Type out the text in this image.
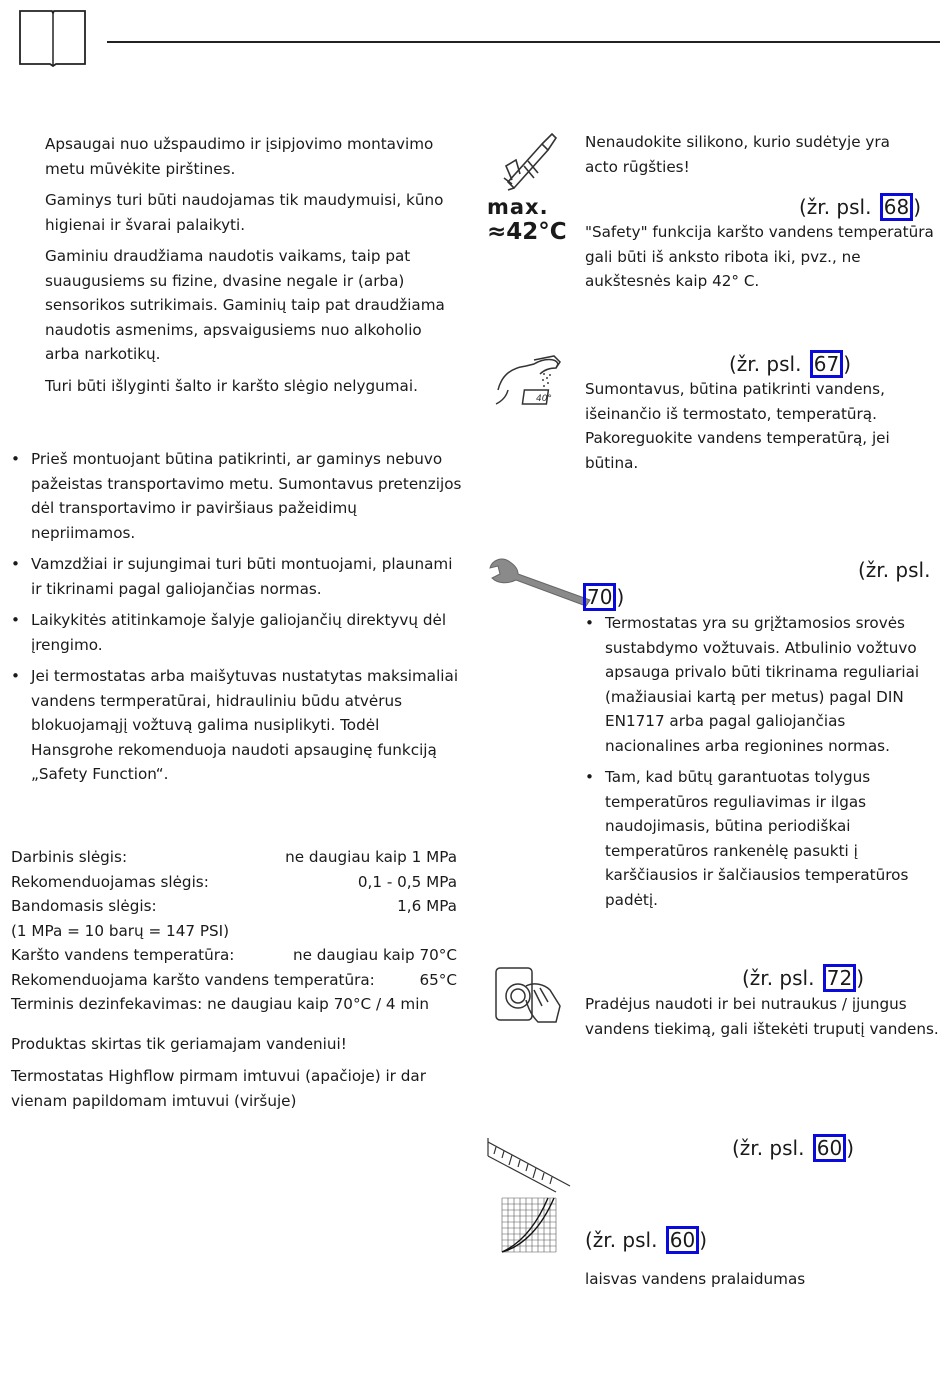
Apsaugai nuo užspaudimo ir įsipjovimo montavimo metu mūvėkite pirštines.

Gaminys turi būti naudojamas tik maudymuisi, kūno higienai ir švarai palaikyti.

Gaminiu draudžiama naudotis vaikams, taip pat suaugusiems su fizine, dvasine negale ir (arba) sensorikos sutrikimais. Gaminių taip pat draudžiama naudotis asmenims, apsvaigusiems nuo alkoholio arba narkotikų.

Turi būti išlyginti šalto ir karšto slėgio nelygumai.

• Prieš montuojant būtina patikrinti, ar gaminys nebuvo pažeistas transportavimo metu. Sumontavus pretenzijos dėl transportavimo ir paviršiaus pažeidimų nepriimamos.

• Vamzdžiai ir sujungimai turi būti montuojami, plaunami ir tikrinami pagal galiojančias normas.

• Laikykitės atitinkamoje šalyje galiojančių direktyvų dėl įrengimo.

• Jei termostatas arba maišytuvas nustatytas maksimaliai vandens termperatūrai, hidrauliniu būdu atvėrus blokuojamąjį vožtuvą galima nusiplikyti. Todėl Hansgrohe rekomenduoja naudoti apsauginę funkciją „Safety Function“.

Darbinis slėgis:	ne daugiau kaip 1 MPa
Rekomenduojamas slėgis:	0,1 - 0,5 MPa
Bandomasis slėgis:	1,6 MPa
(1 MPa = 10 barų = 147 PSI)
Karšto vandens temperatūra:	ne daugiau kaip 70°C
Rekomenduojama karšto vandens temperatūra:	65°C
Terminis dezinfekavimas: ne daugiau kaip 70°C / 4 min

Produktas skirtas tik geriamajam vandeniui!

Termostatas Highflow pirmam imtuvui (apačioje) ir dar vienam papildomam imtuvui (viršuje)

Nenaudokite silikono, kurio sudėtyje yra acto rūgšties!

max.
≈42°C
(žr. psl. 68 )

"Safety" funkcija karšto vandens temperatūra gali būti iš anksto ribota iki, pvz., ne aukštesnės kaip 42° C.

40°
(žr. psl. 67 )

Sumontavus, būtina patikrinti vandens, išeinančio iš termostato, temperatūrą. Pakoreguokite vandens temperatūrą, jei būtina.

(žr. psl.
70 )

• Termostatas yra su grįžtamosios srovės sustabdymo vožtuvais. Atbulinio vožtuvo apsauga privalo būti tikrinama reguliariai (mažiausiai kartą per metus) pagal DIN EN1717 arba pagal galiojančias nacionalines arba regionines normas.

• Tam, kad būtų garantuotas tolygus temperatūros reguliavimas ir ilgas naudojimasis, būtina periodiškai temperatūros rankenėlę pasukti į karščiausios ir šalčiausios temperatūros padėtį.

(žr. psl. 72 )

Pradėjus naudoti ir bei nutraukus / įjungus vandens tiekimą, gali ištekėti truputį vandens.

(žr. psl. 60 )
(žr. psl. 60 )

laisvas vandens pralaidumas
